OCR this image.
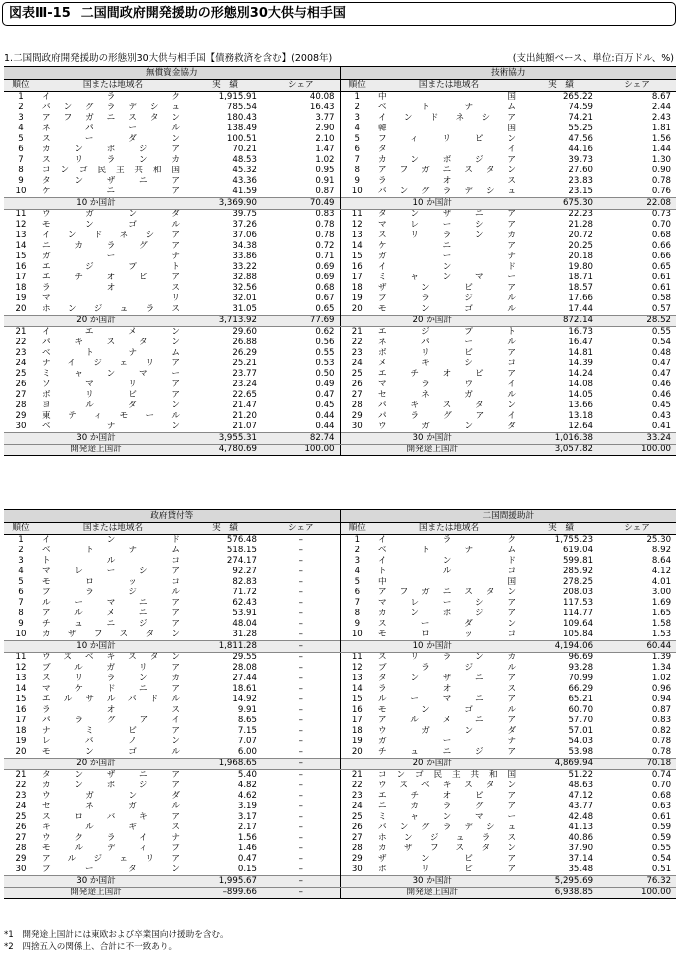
図表Ⅲ-15 二国間政府開発援助の形態別30大供与相手国
1.二国間政府開発援助の形態別30大供与相手国【債務救済を含む】(2008年)	(支出純額ベース、単位:百万ドル、%)
無償資金協力				技術協力			
順位	国または地域名	実　績	シェア	順位	国または地域名	実　績	シェア
1	イラク	1,915.91	40.08	1	中国	265.22	8.67
2	バングラデシュ	785.54	16.43	2	ベトナム	74.59	2.44
3	アフガニスタン	180.43	3.77	3	インドネシア	74.21	2.43
4	ネパール	138.49	2.90	4	韓国	55.25	1.81
5	スーダン	100.51	2.10	5	フィリピン	47.56	1.56
6	カンボジア	70.21	1.47	6	タイ	44.16	1.44
7	スリランカ	48.53	1.02	7	カンボジア	39.73	1.30
8	コンゴ民主共和国	45.32	0.95	8	アフガニスタン	27.60	0.90
9	タンザニア	43.36	0.91	9	ラオス	23.83	0.78
10	ケニア	41.59	0.87	10	バングラデシュ	23.15	0.76
10 か国計		3,369.90	70.49	10 か国計		675.30	22.08
11	ウガンダ	39.75	0.83	11	タンザニア	22.23	0.73
12	モンゴル	37.26	0.78	12	マレーシア	21.28	0.70
13	インドネシア	37.06	0.78	13	スリランカ	20.72	0.68
14	ニカラグア	34.38	0.72	14	ケニア	20.25	0.66
15	ガーナ	33.86	0.71	15	ガーナ	20.18	0.66
16	エジプト	33.22	0.69	16	インド	19.80	0.65
17	エチオピア	32.88	0.69	17	ミャンマー	18.71	0.61
18	ラオス	32.56	0.68	18	ザンビア	18.57	0.61
19	マリ	32.01	0.67	19	ブラジル	17.66	0.58
20	ホンジュラス	31.05	0.65	20	モンゴル	17.44	0.57
20 か国計		3,713.92	77.69	20 か国計		872.14	28.52
21	イエメン	29.60	0.62	21	エジプト	16.73	0.55
22	パキスタン	26.88	0.56	22	ネパール	16.47	0.54
23	ベトナム	26.29	0.55	23	ボリビア	14.81	0.48
24	ナイジェリア	25.21	0.53	24	メキシコ	14.39	0.47
25	ミャンマー	23.77	0.50	25	エチオピア	14.24	0.47
26	ソマリア	23.24	0.49	26	マラウイ	14.08	0.46
27	ボリビア	22.65	0.47	27	セネガル	14.05	0.46
28	ヨルダン	21.47	0.45	28	パキスタン	13.66	0.45
29	東ティモール	21.20	0.44	29	パラグアイ	13.18	0.43
30	ベナン	21.07	0.44	30	ウガンダ	12.64	0.41
30 か国計		3,955.31	82.74	30 か国計		1,016.38	33.24
開発途上国計		4,780.69	100.00	開発途上国計		3,057.82	100.00
政府貸付等				二国間援助計			
順位	国または地域名	実　績	シェア	順位	国または地域名	実　績	シェア
1	インド	576.48	–	1	イラク	1,755.23	25.30
2	ベトナム	518.15	–	2	ベトナム	619.04	8.92
3	トルコ	274.17	–	3	インド	599.81	8.64
4	マレーシア	92.27	–	4	トルコ	285.92	4.12
5	モロッコ	82.83	–	5	中国	278.25	4.01
6	ブラジル	71.72	–	6	アフガニスタン	208.03	3.00
7	ルーマニア	62.43	–	7	マレーシア	117.53	1.69
8	アルメニア	53.91	–	8	カンボジア	114.77	1.65
9	チュニジア	48.04	–	9	スーダン	109.64	1.58
10	カザフスタン	31.28	–	10	モロッコ	105.84	1.53
10 か国計		1,811.28	–	10 か国計		4,194.06	60.44
11	ウズベキスタン	29.55	–	11	スリランカ	96.69	1.39
12	ブルガリア	28.08	–	12	ブラジル	93.28	1.34
13	スリランカ	27.44	–	13	タンザニア	70.99	1.02
14	マケドニア	18.61	–	14	ラオス	66.29	0.96
15	エルサルバドル	14.92	–	15	ルーマニア	65.21	0.94
16	ラオス	9.91	–	16	モンゴル	60.70	0.87
17	パラグアイ	8.65	–	17	アルメニア	57.70	0.83
18	ナミビア	7.15	–	18	ウガンダ	57.01	0.82
19	レバノン	7.07	–	19	ガーナ	54.03	0.78
20	モンゴル	6.00	–	20	チュニジア	53.98	0.78
20 か国計		1,968.65	–	20 か国計		4,869.94	70.18
21	タンザニア	5.40	–	21	コンゴ民主共和国	51.22	0.74
22	カンボジア	4.82	–	22	ウズベキスタン	48.63	0.70
23	ウガンダ	4.62	–	23	エチオピア	47.12	0.68
24	セネガル	3.19	–	24	ニカラグア	43.77	0.63
25	スロバキア	3.17	–	25	ミャンマー	42.48	0.61
26	キルギス	2.17	–	26	バングラデシュ	41.13	0.59
27	ウクライナ	1.56	–	27	ホンジュラス	40.86	0.59
28	モルディブ	1.46	–	28	カザフスタン	37.90	0.55
29	アルジェリア	0.47	–	29	ザンビア	37.14	0.54
30	ブータン	0.15	–	30	ボリビア	35.48	0.51
30 か国計		1,995.67	–	30 か国計		5,295.69	76.32
開発途上国計		–899.66	–	開発途上国計		6,938.85	100.00
*1　開発途上国計には東欧および卒業国向け援助を含む。
*2　四捨五入の関係上、合計に不一致あり。
